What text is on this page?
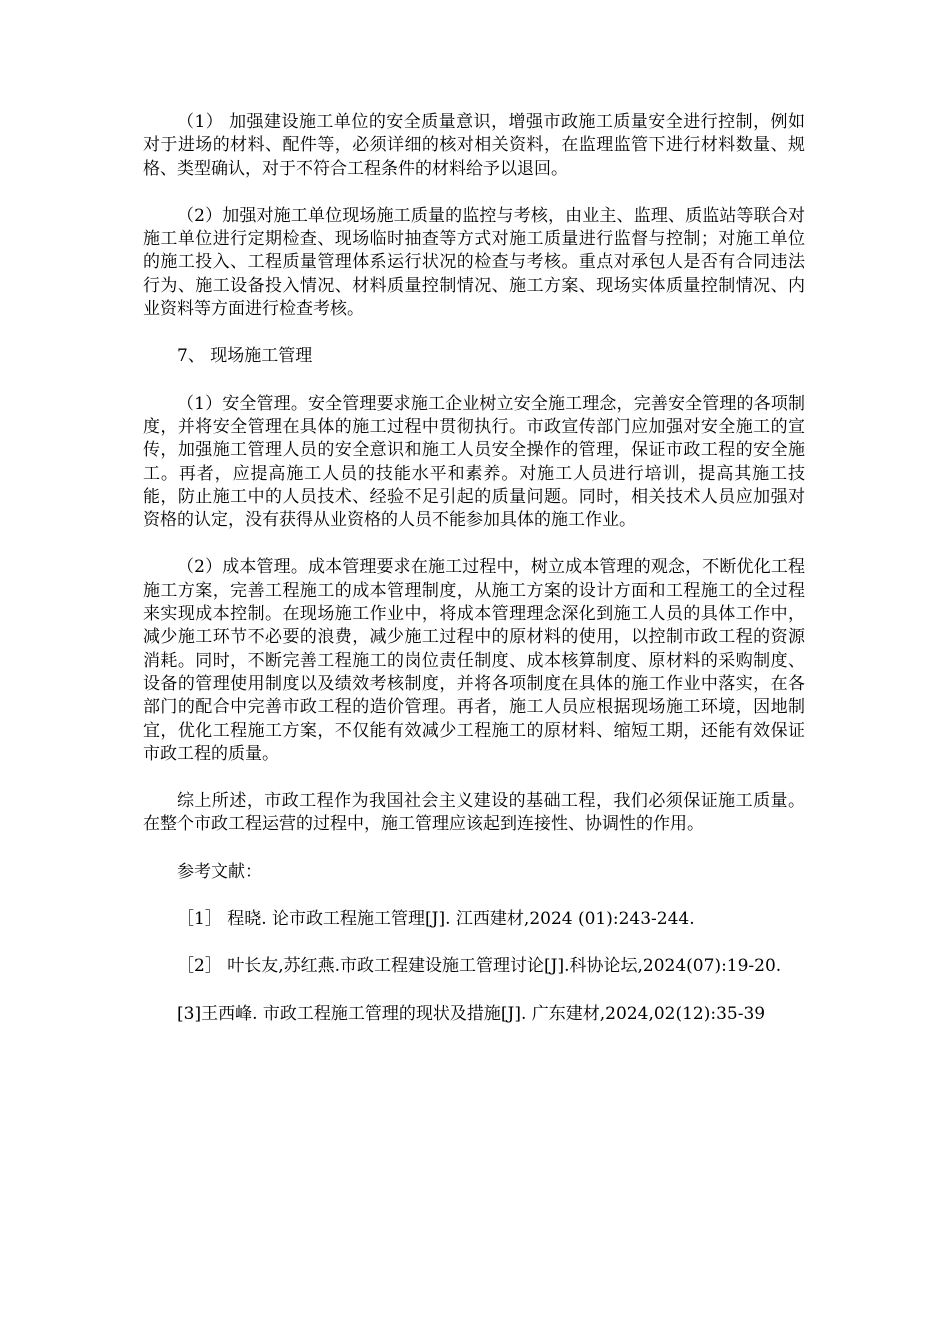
（1） 加强建设施工单位的安全质量意识，增强市政施工质量安全进行控制，例如对于进场的材料、配件等，必须详细的核对相关资料，在监理监管下进行材料数量、规格、类型确认，对于不符合工程条件的材料给予以退回。

（2）加强对施工单位现场施工质量的监控与考核，由业主、监理、质监站等联合对施工单位进行定期检查、现场临时抽查等方式对施工质量进行监督与控制；对施工单位的施工投入、工程质量管理体系运行状况的检查与考核。重点对承包人是否有合同违法行为、施工设备投入情况、材料质量控制情况、施工方案、现场实体质量控制情况、内业资料等方面进行检查考核。

7、 现场施工管理

（1）安全管理。安全管理要求施工企业树立安全施工理念，完善安全管理的各项制度，并将安全管理在具体的施工过程中贯彻执行。市政宣传部门应加强对安全施工的宣传，加强施工管理人员的安全意识和施工人员安全操作的管理，保证市政工程的安全施工。再者，应提高施工人员的技能水平和素养。对施工人员进行培训，提高其施工技能，防止施工中的人员技术、经验不足引起的质量问题。同时，相关技术人员应加强对资格的认定，没有获得从业资格的人员不能参加具体的施工作业。

（2）成本管理。成本管理要求在施工过程中，树立成本管理的观念，不断优化工程施工方案，完善工程施工的成本管理制度，从施工方案的设计方面和工程施工的全过程来实现成本控制。在现场施工作业中，将成本管理理念深化到施工人员的具体工作中，减少施工环节不必要的浪费，减少施工过程中的原材料的使用，以控制市政工程的资源消耗。同时，不断完善工程施工的岗位责任制度、成本核算制度、原材料的采购制度、设备的管理使用制度以及绩效考核制度，并将各项制度在具体的施工作业中落实，在各部门的配合中完善市政工程的造价管理。再者，施工人员应根据现场施工环境，因地制宜，优化工程施工方案，不仅能有效减少工程施工的原材料、缩短工期，还能有效保证市政工程的质量。

综上所述，市政工程作为我国社会主义建设的基础工程，我们必须保证施工质量。在整个市政工程运营的过程中，施工管理应该起到连接性、协调性的作用。

参考文献：

［1］ 程晓. 论市政工程施工管理[J]. 江西建材,2024 (01):243-244.

［2］ 叶长友,苏红燕.市政工程建设施工管理讨论[J].科协论坛,2024(07):19-20.

[3]王西峰. 市政工程施工管理的现状及措施[J]. 广东建材,2024,02(12):35-39
